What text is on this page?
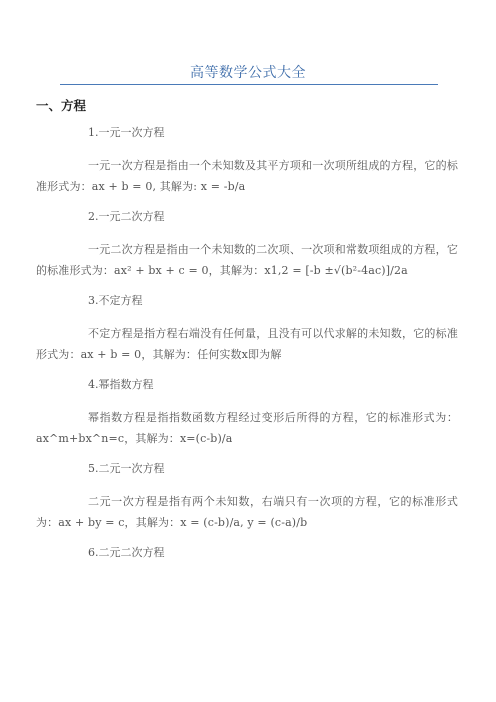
高等数学公式大全
一、方程
1.一元一次方程
一元一次方程是指由一个未知数及其平方项和一次项所组成的方程，它的标准形式为：ax + b = 0, 其解为: x = -b/a
2.一元二次方程
一元二次方程是指由一个未知数的二次项、一次项和常数项组成的方程，它的标准形式为：ax² + bx + c = 0，其解为：x1,2 = [-b ±√(b²-4ac)]/2a
3.不定方程
不定方程是指方程右端没有任何量，且没有可以代求解的未知数，它的标准形式为：ax + b = 0，其解为：任何实数x即为解
4.幂指数方程
幂指数方程是指指数函数方程经过变形后所得的方程，它的标准形式为：ax^m+bx^n=c，其解为：x=(c-b)/a
5.二元一次方程
二元一次方程是指有两个未知数，右端只有一次项的方程，它的标准形式为：ax + by = c，其解为：x = (c-b)/a, y = (c-a)/b
6.二元二次方程
